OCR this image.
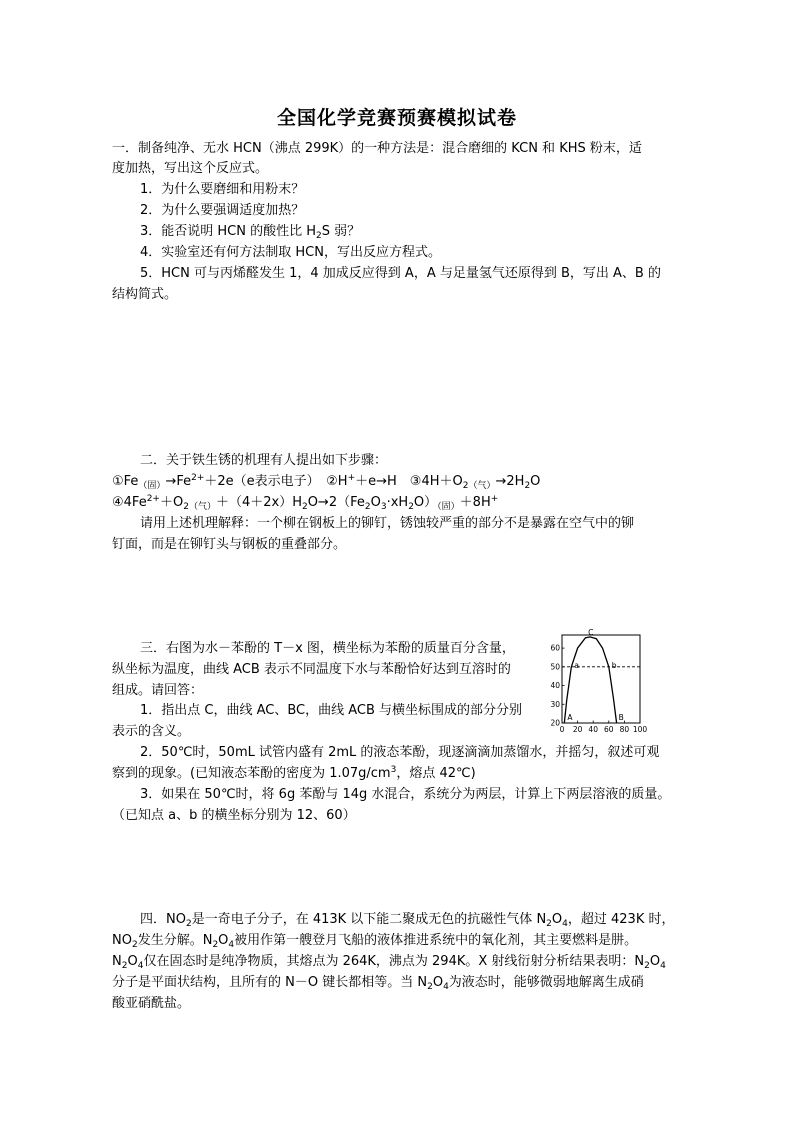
全国化学竞赛预赛模拟试卷
一．制备纯净、无水 HCN（沸点 299K）的一种方法是：混合磨细的 KCN 和 KHS 粉末，适
度加热，写出这个反应式。
1．为什么要磨细和用粉末？
2．为什么要强调适度加热？
3．能否说明 HCN 的酸性比 $H_2S$ 弱？
4．实验室还有何方法制取 HCN，写出反应方程式。
5．HCN 可与丙烯醛发生 1，4 加成反应得到 A，A 与足量氢气还原得到 B，写出 A、B 的
结构简式。
二．关于铁生锈的机理有人提出如下步骤：
$①Fe_{(固)}\to Fe^{2+}+2e(e$表示电子）　②H+＋e→H　$③4H+O_{2(气)}\to 2H_2O$
$④4Fe^{2+}+O_{2(气)}+(4+2x)H_2O\to 2(Fe_2O_3\cdot xH_2O)_{(固)}+8H^+$
请用上述机理解释：一个柳在钢板上的铆钉，锈蚀较严重的部分不是暴露在空气中的铆
钉面，而是在铆钉头与钢板的重叠部分。
三．右图为水－苯酚的 T－x 图，横坐标为苯酚的质量百分含量，
纵坐标为温度，曲线 ACB 表示不同温度下水与苯酚恰好达到互溶时的
组成。请回答：
1．指出点 C，曲线 AC、BC，曲线 ACB 与横坐标围成的部分分别
表示的含义。
2．50℃时，50mL 试管内盛有 2mL 的液态苯酚，现逐滴滴加蒸馏水，并摇匀，叙述可观
察到的现象。(已知液态苯酚的密度为 $1.07g/cm^3$，熔点 42℃)
3．如果在 50℃时，将 6g 苯酚与 14g 水混合，系统分为两层，计算上下两层溶液的质量。
（已知点 a、b 的横坐标分别为 12、60）
0 20 40 60 80 100
20
30
40
50
60
A
a
C
b
B
四．$NO_2$是一奇电子分子，在 413K 以下能二聚成无色的抗磁性气体 $N_2O_4$，超过 423K 时，
$NO_2$发生分解。$N_2O_4$被用作第一艘登月飞船的液体推进系统中的氧化剂，其主要燃料是肼。
$N_2O_4$仅在固态时是纯净物质，其熔点为 264K，沸点为 294K。X 射线衍射分析结果表明：$N_2O_4$
分子是平面状结构，且所有的 N－O 键长都相等。当 $N_2O_4$为液态时，能够微弱地解离生成硝
酸亚硝酰盐。
